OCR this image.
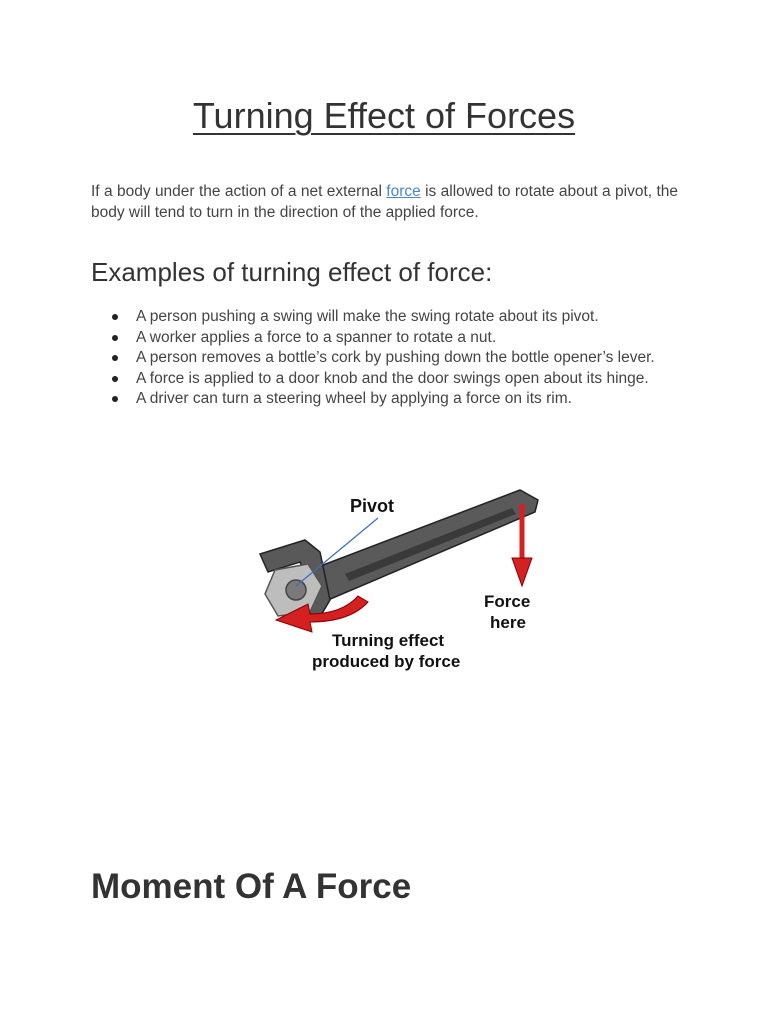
Turning Effect of Forces

If a body under the action of a net external force is allowed to rotate about a pivot, the body will tend to turn in the direction of the applied force.

Examples of turning effect of force:
A person pushing a swing will make the swing rotate about its pivot.
A worker applies a force to a spanner to rotate a nut.
A person removes a bottle’s cork by pushing down the bottle opener’s lever.
A force is applied to a door knob and the door swings open about its hinge.
A driver can turn a steering wheel by applying a force on its rim.
Pivot
Force
here
Turning effect
produced by force
Moment Of A Force
